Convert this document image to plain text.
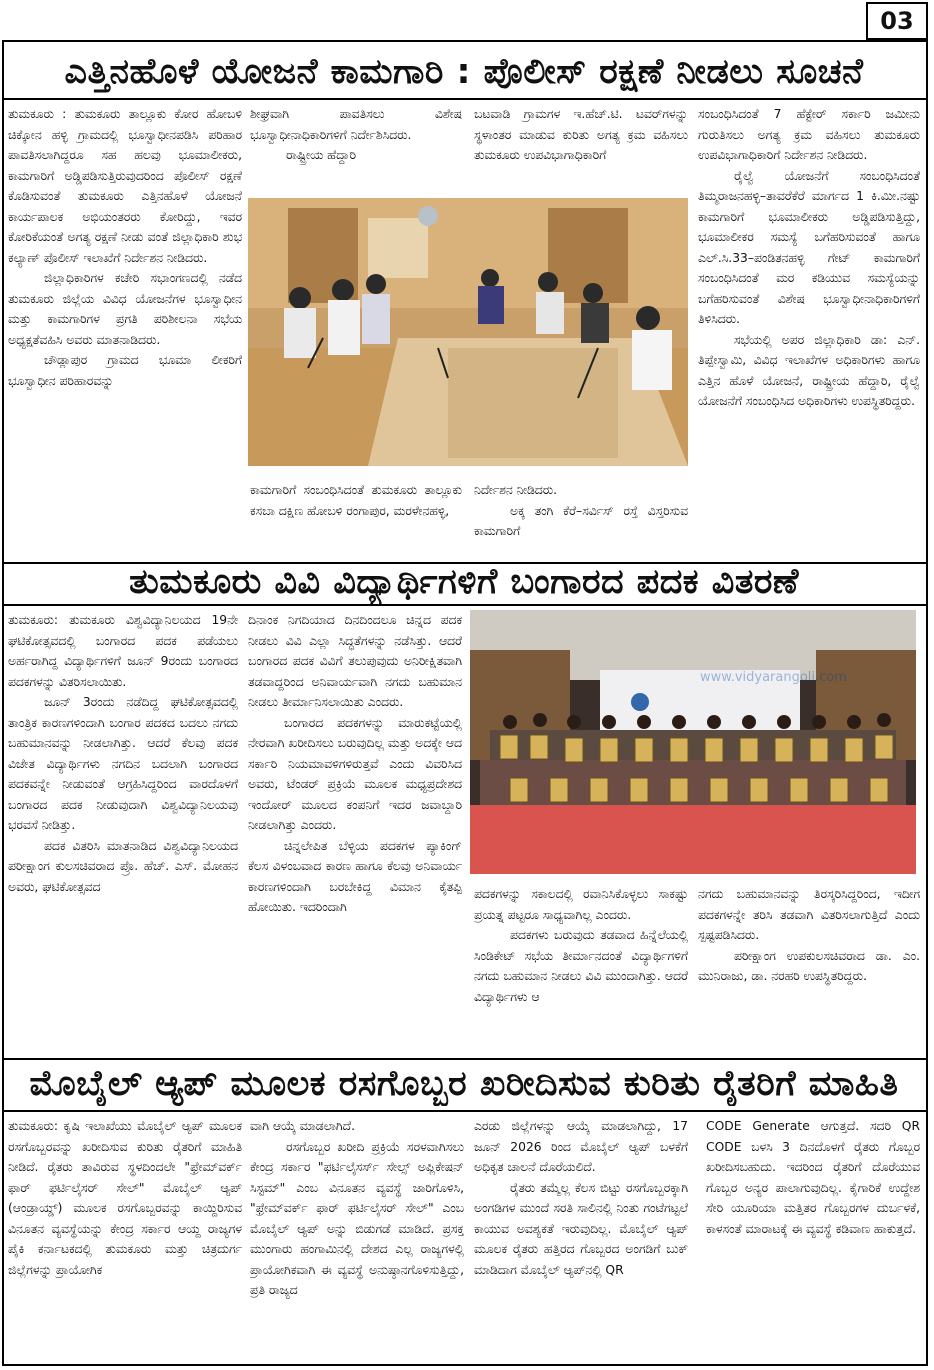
03
ಎತ್ತಿನಹೊಳೆ ಯೋಜನೆ ಕಾಮಗಾರಿ : ಪೊಲೀಸ್ ರಕ್ಷಣೆ ನೀಡಲು ಸೂಚನೆ

ತುಮಕೂರು : ತುಮಕೂರು ತಾಲ್ಲೂಕು ಕೋರ ಹೋಬಳಿ ಚಿಕ್ಕೋನ ಹಳ್ಳಿ ಗ್ರಾಮದಲ್ಲಿ ಭೂಸ್ವಾಧೀನಪಡಿಸಿ ಪರಿಹಾರ ಪಾವತಿಸಲಾಗಿದ್ದರೂ ಸಹ ಹಲವು ಭೂಮಾಲೀಕರು, ಕಾಮಗಾರಿಗೆ ಅಡ್ಡಿಪಡಿಸುತ್ತಿರುವುದರಿಂದ ಪೊಲೀಸ್ ರಕ್ಷಣೆ ಕೊಡಿಸುವಂತೆ ತುಮಕೂರು ಎತ್ತಿನಹೊಳೆ ಯೋಜನೆ ಕಾರ್ಯಪಾಲಕ ಅಭಿಯಂತರರು ಕೋರಿದ್ದು, ಇವರ ಕೋರಿಕೆಯಂತೆ ಅಗತ್ಯ ರಕ್ಷಣೆ ನೀಡು ವಂತೆ ಜಿಲ್ಲಾಧಿಕಾರಿ ಶುಭ ಕಲ್ಯಾಣ್ ಪೊಲೀಸ್ ಇಲಾಖೆಗೆ ನಿರ್ದೇಶನ ನೀಡಿದರು.

ಜಿಲ್ಲಾಧಿಕಾರಿಗಳ ಕಚೇರಿ ಸಭಾಂಗಣದಲ್ಲಿ ನಡೆದ ತುಮಕೂರು ಜಿಲ್ಲೆಯ ವಿವಿಧ ಯೋಜನೆಗಳ ಭೂಸ್ವಾಧೀನ ಮತ್ತು ಕಾಮಗಾರಿಗಳ ಪ್ರಗತಿ ಪರಿಶೀಲನಾ ಸಭೆಯ ಅಧ್ಯಕ್ಷತೆವಹಿಸಿ ಅವರು ಮಾತನಾಡಿದರು.

ಚೌಡ್ಲಾಪುರ ಗ್ರಾಮದ ಭೂಮಾ ಲೀಕರಿಗೆ ಭೂಸ್ವಾಧೀನ ಪರಿಹಾರವನ್ನು

ಶೀಘ್ರವಾಗಿ ಪಾವತಿಸಲು ವಿಶೇಷ ಭೂಸ್ವಾಧೀನಾಧಿಕಾರಿಗಳಿಗೆ ನಿರ್ದೇಶಿಸಿದರು.

ರಾಷ್ಟ್ರೀಯ ಹೆದ್ದಾರಿ

ಬಟವಾಡಿ ಗ್ರಾಮಗಳ ಇ.ಹೆಚ್.ಟಿ. ಟವರ್‌ಗಳನ್ನು ಸ್ಥಳಾಂತರ ಮಾಡುವ ಕುರಿತು ಅಗತ್ಯ ಕ್ರಮ ವಹಿಸಲು ತುಮಕೂರು ಉಪವಿಭಾಗಾಧಿಕಾರಿಗೆ

ಕಾಮಗಾರಿಗೆ ಸಂಬಂಧಿಸಿದಂತೆ ತುಮಕೂರು ತಾಲ್ಲೂಕು ಕಸಬಾ ದಕ್ಷಿಣ ಹೋಬಳಿ ರಂಗಾಪುರ, ಮರಳೇನಹಳ್ಳಿ,

ನಿರ್ದೇಶನ ನೀಡಿದರು.

ಅಕ್ಕ ತಂಗಿ ಕೆರೆ–ಸರ್ವಿಸ್ ರಸ್ತೆ ವಿಸ್ತರಿಸುವ ಕಾಮಗಾರಿಗೆ

ಸಂಬಂಧಿಸಿದಂತೆ 7 ಹೆಕ್ಟೇರ್ ಸರ್ಕಾರಿ ಜಮೀನು ಗುರುತಿಸಲು ಅಗತ್ಯ ಕ್ರಮ ವಹಿಸಲು ತುಮಕೂರು ಉಪವಿಭಾಗಾಧಿಕಾರಿಗೆ ನಿರ್ದೇಶನ ನೀಡಿದರು.

ರೈಲ್ವೆ ಯೋಜನೆಗೆ ಸಂಬಂಧಿಸಿದಂತೆ ತಿಮ್ಮರಾಜನಹಳ್ಳಿ–ತಾವರೆಕೆರೆ ಮಾರ್ಗದ 1 ಕಿ.ಮೀ.ನಷ್ಟು ಕಾಮಗಾರಿಗೆ ಭೂಮಾಲೀಕರು ಅಡ್ಡಿಪಡಿಸುತ್ತಿದ್ದು, ಭೂಮಾಲೀಕರ ಸಮಸ್ಯೆ ಬಗೆಹರಿಸುವಂತೆ ಹಾಗೂ ಎಲ್.ಸಿ.33–ಪಂಡಿತನಹಳ್ಳಿ ಗೇಟ್ ಕಾಮಗಾರಿಗೆ ಸಂಬಂಧಿಸಿದಂತೆ ಮರ ಕಡಿಯುವ ಸಮಸ್ಯೆಯನ್ನು ಬಗೆಹರಿಸುವಂತೆ ವಿಶೇಷ ಭೂಸ್ವಾಧೀನಾಧಿಕಾರಿಗಳಿಗೆ ತಿಳಿಸಿದರು.

ಸಭೆಯಲ್ಲಿ ಅಪರ ಜಿಲ್ಲಾಧಿಕಾರಿ ಡಾ: ಎನ್. ತಿಪ್ಪೇಸ್ವಾಮಿ, ವಿವಿಧ ಇಲಾಖೆಗಳ ಅಧಿಕಾರಿಗಳು ಹಾಗೂ ಎತ್ತಿನ ಹೊಳೆ ಯೋಜನೆ, ರಾಷ್ಟ್ರೀಯ ಹೆದ್ದಾರಿ, ರೈಲ್ವೆ ಯೋಜನೆಗೆ ಸಂಬಂಧಿಸಿದ ಅಧಿಕಾರಿಗಳು ಉಪಸ್ಥಿತರಿದ್ದರು.

ತುಮಕೂರು ವಿವಿ ವಿದ್ಯಾರ್ಥಿಗಳಿಗೆ ಬಂಗಾರದ ಪದಕ ವಿತರಣೆ

ತುಮಕೂರು: ತುಮಕೂರು ವಿಶ್ವವಿದ್ಯಾನಿಲಯದ 19ನೇ ಘಟಿಕೋತ್ಸವದಲ್ಲಿ ಬಂಗಾರದ ಪದಕ ಪಡೆಯಲು ಅರ್ಹರಾಗಿದ್ದ ವಿದ್ಯಾರ್ಥಿಗಳಿಗೆ ಜೂನ್ 9ರಂದು ಬಂಗಾರದ ಪದಕಗಳನ್ನು ವಿತರಿಸಲಾಯಿತು.

ಜೂನ್ 3ರಂದು ನಡೆದಿದ್ದ ಘಟಿಕೋತ್ಸವದಲ್ಲಿ ತಾಂತ್ರಿಕ ಕಾರಣಗಳಿಂದಾಗಿ ಬಂಗಾರ ಪದಕದ ಬದಲು ನಗದು ಬಹುಮಾನವನ್ನು ನೀಡಲಾಗಿತ್ತು. ಆದರೆ ಕೆಲವು ಪದಕ ವಿಜೇತ ವಿದ್ಯಾರ್ಥಿಗಳು ನಗದಿನ ಬದಲಾಗಿ ಬಂಗಾರದ ಪದಕವನ್ನೇ ನೀಡುವಂತೆ ಆಗ್ರಹಿಸಿದ್ದರಿಂದ ವಾರದೊಳಗೆ ಬಂಗಾರದ ಪದಕ ನೀಡುವುದಾಗಿ ವಿಶ್ವವಿದ್ಯಾನಿಲಯವು ಭರವಸೆ ನೀಡಿತ್ತು.

ಪದಕ ವಿತರಿಸಿ ಮಾತನಾಡಿದ ವಿಶ್ವವಿದ್ಯಾನಿಲಯದ ಪರೀಕ್ಷಾಂಗ ಕುಲಸಚಿವರಾದ ಪ್ರೊ. ಹೆಚ್. ಎಸ್. ಮೋಹನ ಅವರು, ಘಟಿಕೋತ್ಸವದ

ದಿನಾಂಕ ನಿಗದಿಯಾದ ದಿನದಿಂದಲೂ ಚಿನ್ನದ ಪದಕ ನೀಡಲು ವಿವಿ ಎಲ್ಲಾ ಸಿದ್ಧತೆಗಳನ್ನು ನಡೆಸಿತ್ತು. ಆದರೆ ಬಂಗಾರದ ಪದಕ ವಿವಿಗೆ ತಲುಪುವುದು ಅನಿರೀಕ್ಷಿತವಾಗಿ ತಡವಾದ್ದರಿಂದ ಅನಿವಾರ್ಯವಾಗಿ ನಗದು ಬಹುಮಾನ ನೀಡಲು ತೀರ್ಮಾನಿಸಲಾಯಿತು ಎಂದರು.

ಬಂಗಾರದ ಪದಕಗಳನ್ನು ಮಾರುಕಟ್ಟೆಯಲ್ಲಿ ನೇರವಾಗಿ ಖರೀದಿಸಲು ಬರುವುದಿಲ್ಲ ಮತ್ತು ಅದಕ್ಕೇ ಆದ ಸರ್ಕಾರಿ ನಿಯಮಾವಳಿಗಳಿರುತ್ತವೆ ಎಂದು ವಿವರಿಸಿದ ಅವರು, ಟೆಂಡರ್ ಪ್ರಕ್ರಿಯೆ ಮೂಲಕ ಮಧ್ಯಪ್ರದೇಶದ ಇಂದೋರ್ ಮೂಲದ ಕಂಪನಿಗೆ ಇದರ ಜವಾಬ್ದಾರಿ ನೀಡಲಾಗಿತ್ತು ಎಂದರು.

ಚಿನ್ನಲೇಪಿತ ಬೆಳ್ಳಿಯ ಪದಕಗಳ ಪ್ಯಾಕಿಂಗ್ ಕೆಲಸ ವಿಳಂಬವಾದ ಕಾರಣ ಹಾಗೂ ಕೆಲವು ಅನಿವಾರ್ಯ ಕಾರಣಗಳಿಂದಾಗಿ ಬರಬೇಕಿದ್ದ ವಿಮಾನ ಕೈತಪ್ಪಿ ಹೋಯಿತು. ಇದರಿಂದಾಗಿ

www.vidyarangoli.com

ಪದಕಗಳನ್ನು ಸಕಾಲದಲ್ಲಿ ರವಾನಿಸಿಕೊಳ್ಳಲು ಸಾಕಷ್ಟು ಪ್ರಯತ್ನ ಪಟ್ಟರೂ ಸಾಧ್ಯವಾಗಿಲ್ಲ ಎಂದರು.

ಪದಕಗಳು ಬರುವುದು ತಡವಾದ ಹಿನ್ನೆಲೆಯಲ್ಲಿ ಸಿಂಡಿಕೇಟ್ ಸಭೆಯ ತೀರ್ಮಾನದಂತೆ ವಿದ್ಯಾರ್ಥಿಗಳಿಗೆ ನಗದು ಬಹುಮಾನ ನೀಡಲು ವಿವಿ ಮುಂದಾಗಿತ್ತು. ಆದರೆ ವಿದ್ಯಾರ್ಥಿಗಳು ಆ

ನಗದು ಬಹುಮಾನವನ್ನು ತಿರಸ್ಕರಿಸಿದ್ದರಿಂದ, ಇದೀಗ ಪದಕಗಳನ್ನೇ ತರಿಸಿ ತಡವಾಗಿ ವಿತರಿಸಲಾಗುತ್ತಿದೆ ಎಂದು ಸ್ಪಷ್ಟಪಡಿಸಿದರು.

ಪರೀಕ್ಷಾಂಗ ಉಪಕುಲಸಚಿವರಾದ ಡಾ. ಎಂ. ಮುನಿರಾಜು, ಡಾ. ನರಹರಿ ಉಪಸ್ಥಿತರಿದ್ದರು.

ಮೊಬೈಲ್ ಆ್ಯಪ್ ಮೂಲಕ ರಸಗೊಬ್ಬರ ಖರೀದಿಸುವ ಕುರಿತು ರೈತರಿಗೆ ಮಾಹಿತಿ

ತುಮಕೂರು: ಕೃಷಿ ಇಲಾಖೆಯು ಮೊಬೈಲ್ ಆ್ಯಪ್ ಮೂಲಕ ರಸಗೊಬ್ಬರವನ್ನು ಖರೀದಿಸುವ ಕುರಿತು ರೈತರಿಗೆ ಮಾಹಿತಿ ನೀಡಿದೆ. ರೈತರು ತಾವಿರುವ ಸ್ಥಳದಿಂದಲೇ "ಫ್ರೇಮ್‌ವರ್ಕ್ ಫಾರ್ ಫರ್ಟಿಲೈಸರ್ ಸೇಲ್" ಮೊಬೈಲ್ ಆ್ಯಪ್ (ಆಂಡ್ರಾಯ್ಡ್) ಮೂಲಕ ರಸಗೊಬ್ಬರವನ್ನು ಕಾಯ್ದಿರಿಸುವ ವಿನೂತನ ವ್ಯವಸ್ಥೆಯನ್ನು ಕೇಂದ್ರ ಸರ್ಕಾರ ಆಯ್ದ ರಾಜ್ಯಗಳ ಪೈಕಿ ಕರ್ನಾಟಕದಲ್ಲಿ ತುಮಕೂರು ಮತ್ತು ಚಿತ್ರದುರ್ಗ ಜಿಲ್ಲೆಗಳನ್ನು ಪ್ರಾಯೋಗಿಕ

ವಾಗಿ ಆಯ್ಕೆ ಮಾಡಲಾಗಿದೆ.

ರಸಗೊಬ್ಬರ ಖರೀದಿ ಪ್ರಕ್ರಿಯೆ ಸರಳವಾಗಿಸಲು ಕೇಂದ್ರ ಸರ್ಕಾರ "ಫರ್ಟಿಲೈಸರ್ಸ್ ಸೇಲ್ಸ್ ಅಪ್ಲಿಕೇಷನ್ ಸಿಸ್ಟಮ್" ಎಂಬ ವಿನೂತನ ವ್ಯವಸ್ಥೆ ಜಾರಿಗೊಳಿಸಿ, "ಫ್ರೇಮ್‌ವರ್ಕ್ ಫಾರ್ ಫರ್ಟಿಲೈಸರ್ ಸೇಲ್" ಎಂಬ ಮೊಬೈಲ್ ಆ್ಯಪ್ ಅನ್ನು ಬಿಡುಗಡೆ ಮಾಡಿದೆ. ಪ್ರಸಕ್ತ ಮುಂಗಾರು ಹಂಗಾಮಿನಲ್ಲಿ ದೇಶದ ಎಲ್ಲ ರಾಜ್ಯಗಳಲ್ಲಿ ಪ್ರಾಯೋಗಿಕವಾಗಿ ಈ ವ್ಯವಸ್ಥೆ ಅನುಷ್ಠಾನಗೊಳಿಸುತ್ತಿದ್ದು, ಪ್ರತಿ ರಾಜ್ಯದ

ಎರಡು ಜಿಲ್ಲೆಗಳನ್ನು ಆಯ್ಕೆ ಮಾಡಲಾಗಿದ್ದು, 17 ಜೂನ್ 2026 ರಿಂದ ಮೊಬೈಲ್ ಆ್ಯಪ್ ಬಳಕೆಗೆ ಅಧಿಕೃತ ಚಾಲನೆ ದೊರೆಯಲಿದೆ.

ರೈತರು ತಮ್ಮೆಲ್ಲ ಕೆಲಸ ಬಿಟ್ಟು ರಸಗೊಬ್ಬರಕ್ಕಾಗಿ ಅಂಗಡಿಗಳ ಮುಂದೆ ಸರತಿ ಸಾಲಿನಲ್ಲಿ ನಿಂತು ಗಂಟೆಗಟ್ಟಲೆ ಕಾಯುವ ಅವಶ್ಯಕತೆ ಇರುವುದಿಲ್ಲ. ಮೊಬೈಲ್ ಆ್ಯಪ್ ಮೂಲಕ ರೈತರು ಹತ್ತಿರದ ಗೊಬ್ಬರದ ಅಂಗಡಿಗೆ ಬುಕ್ ಮಾಡಿದಾಗ ಮೊಬೈಲ್ ಆ್ಯಪ್‌ನಲ್ಲಿ QR

CODE Generate ಆಗುತ್ತದೆ. ಸದರಿ QR CODE ಬಳಸಿ 3 ದಿನದೊಳಗೆ ರೈತರು ಗೊಬ್ಬರ ಖರೀದಿಸಬಹುದು. ಇದರಿಂದ ರೈತರಿಗೆ ದೊರೆಯುವ ಗೊಬ್ಬರ ಅನ್ಯರ ಪಾಲಾಗುವುದಿಲ್ಲ. ಕೈಗಾರಿಕೆ ಉದ್ದೇಶ ಸೇರಿ ಯೂರಿಯಾ ಮತ್ತಿತರ ಗೊಬ್ಬರಗಳ ದುರ್ಬಳಕೆ, ಕಾಳಸಂತೆ ಮಾರಾಟಕ್ಕೆ ಈ ವ್ಯವಸ್ಥೆ ಕಡಿವಾಣ ಹಾಕುತ್ತದೆ.
